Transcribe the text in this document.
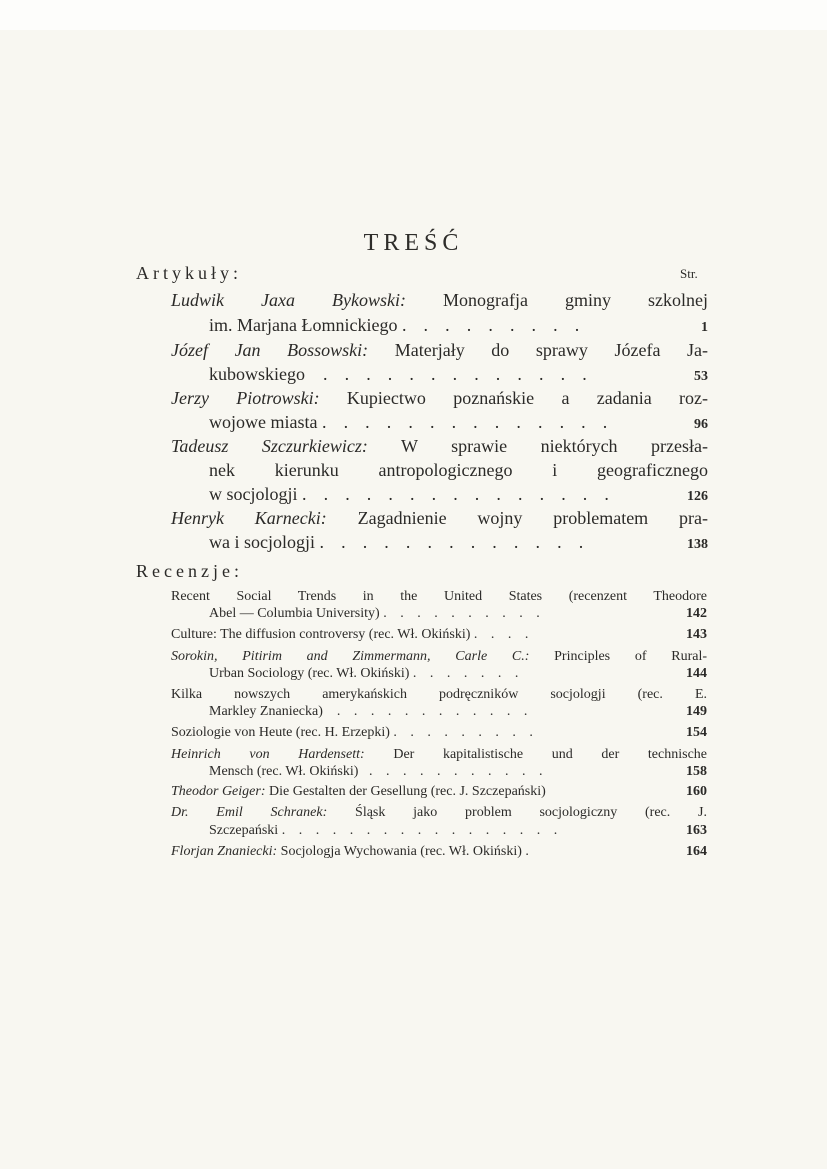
TREŚĆ
Artykuły:	Str.
Ludwik Jaxa Bykowski: Monografja gminy szkolnej
im. Marjana Łomnickiego . . . . . . . . .	1
Józef Jan Bossowski: Materjały do sprawy Józefa Ja-
kubowskiego . . . . . . . . . . . . .	53
Jerzy Piotrowski: Kupiectwo poznańskie a zadania roz-
wojowe miasta . . . . . . . . . . . . . .	96
Tadeusz Szczurkiewicz: W sprawie niektórych przesła-
nek kierunku antropologicznego i geograficznego
w socjologji . . . . . . . . . . . . . . .	126
Henryk Karnecki: Zagadnienie wojny problematem pra-
wa i socjologji . . . . . . . . . . . . .	138
Recenzje:
Recent Social Trends in the United States (recenzent Theodore
Abel — Columbia University) . . . . . . . . . .	142
Culture: The diffusion controversy (rec. Wł. Okiński) . . . .	143
Sorokin, Pitirim and Zimmermann, Carle C.: Principles of Rural-
Urban Sociology (rec. Wł. Okiński) . . . . . . .	144
Kilka nowszych amerykańskich podręczników socjologji (rec. E.
Markley Znaniecka) . . . . . . . . . . . .	149
Soziologie von Heute (rec. H. Erzepki) . . . . . . . . .	154
Heinrich von Hardensett: Der kapitalistische und der technische
Mensch (rec. Wł. Okiński) . . . . . . . . . . .	158
Theodor Geiger: Die Gestalten der Gesellung (rec. J. Szczepański)	160
Dr. Emil Schranek: Śląsk jako problem socjologiczny (rec. J.
Szczepański . . . . . . . . . . . . . . . . .	163
Florjan Znaniecki: Socjologja Wychowania (rec. Wł. Okiński) .	164
